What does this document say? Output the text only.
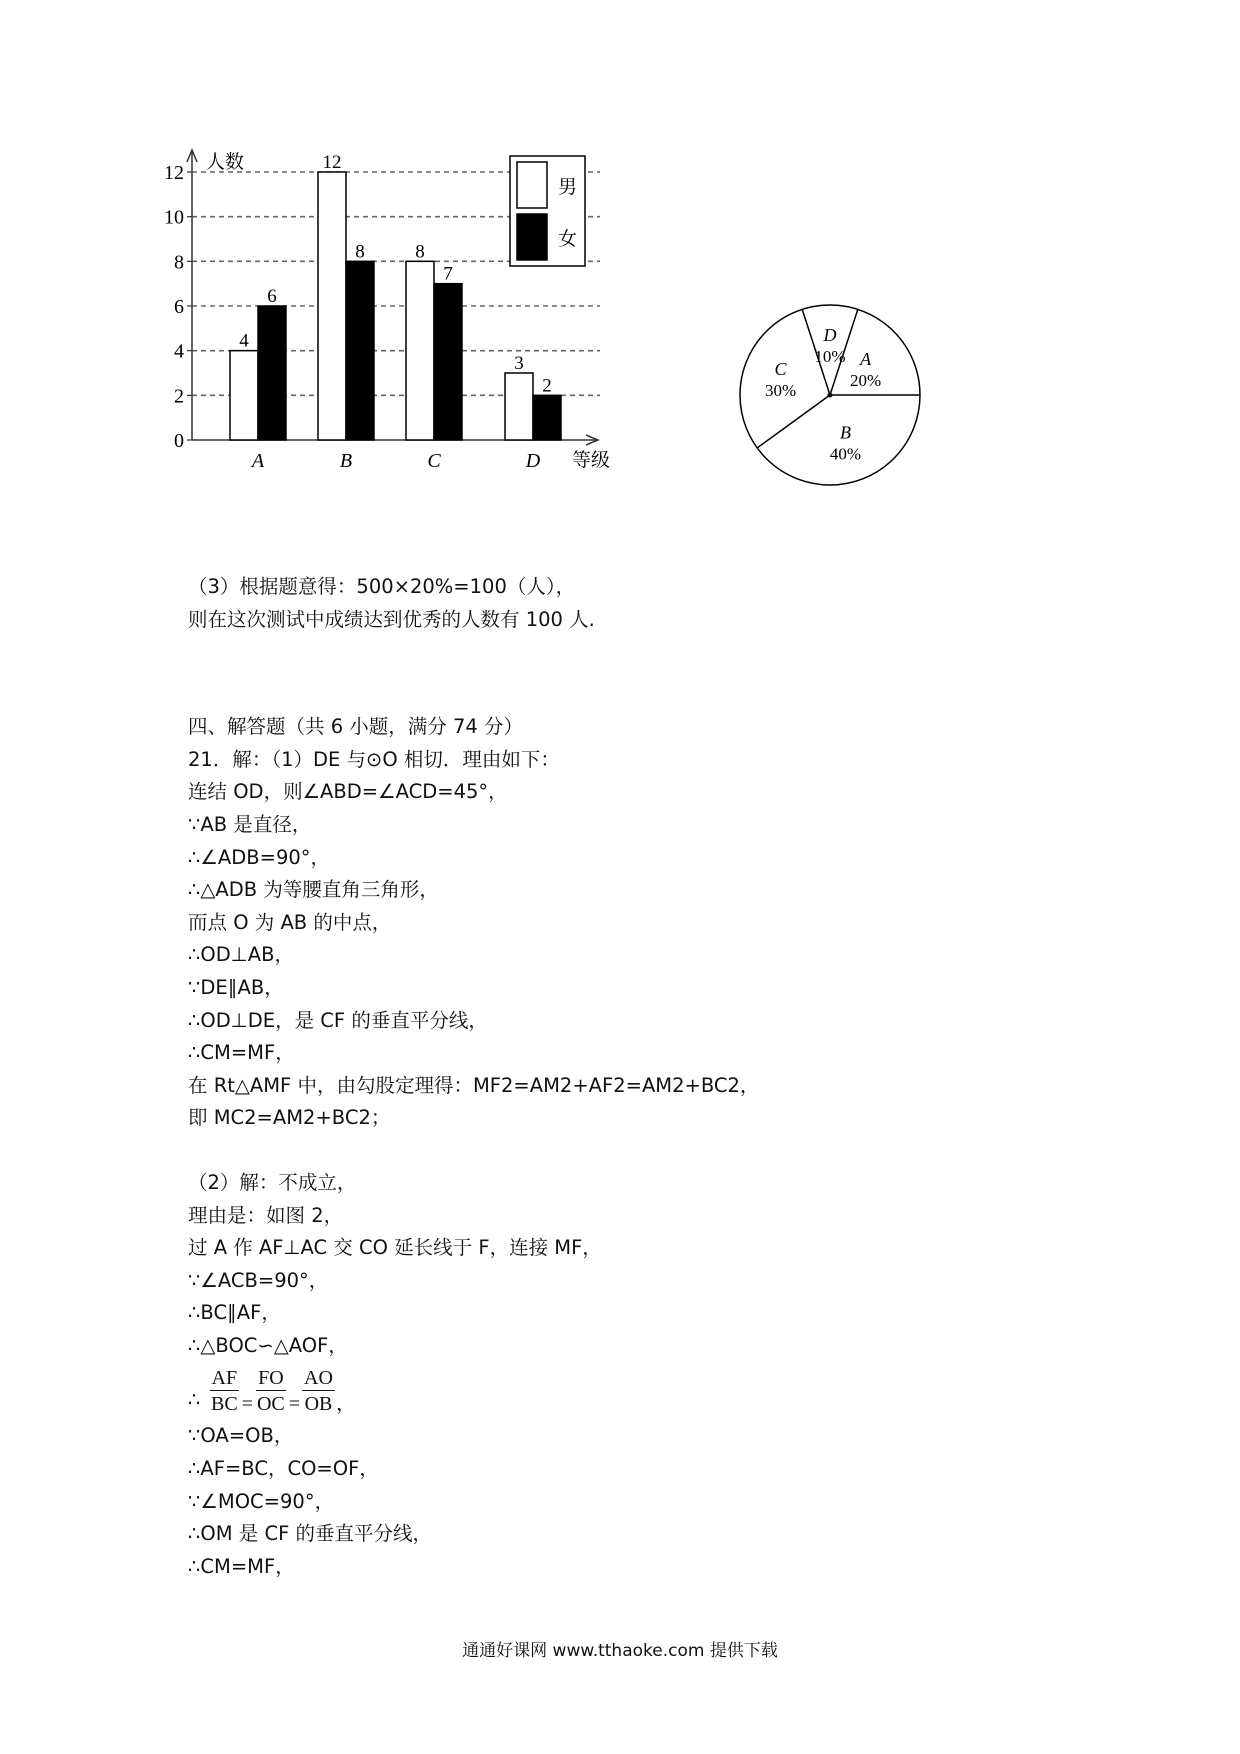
0
2
4
6
8
10
12 人数
等级
4
6
A
12
8
B
8
7
C
3
2
D
男
女
A
20%
B
40%
C
30%
D
10%
（3）根据题意得：500×20%=100（人），
则在这次测试中成绩达到优秀的人数有 100 人.
四、解答题（共 6 小题，满分 74 分）
21．解：（1）DE 与⊙O 相切．理由如下：
连结 OD，则∠ABD=∠ACD=45°，
∵AB 是直径，
∴∠ADB=90°，
∴△ADB 为等腰直角三角形，
而点 O 为 AB 的中点，
∴OD⊥AB，
∵DE∥AB，
∴OD⊥DE，是 CF 的垂直平分线，
∴CM=MF，
在 Rt△AMF 中，由勾股定理得：MF2=AM2+AF2=AM2+BC2，
即 MC2=AM2+BC2；
（2）解：不成立，
理由是：如图 2，
过 A 作 AF⊥AC 交 CO 延长线于 F，连接 MF，
∵∠ACB=90°，
∴BC∥AF，
∴△BOC∽△AOF，
∴ $\frac{AF}{BC} = \frac{FO}{OC} = \frac{AO}{OB}$ ，
∵OA=OB，
∴AF=BC，CO=OF，
∵∠MOC=90°，
∴OM 是 CF 的垂直平分线，
∴CM=MF，
通通好课网 www.tthaoke.com 提供下载
